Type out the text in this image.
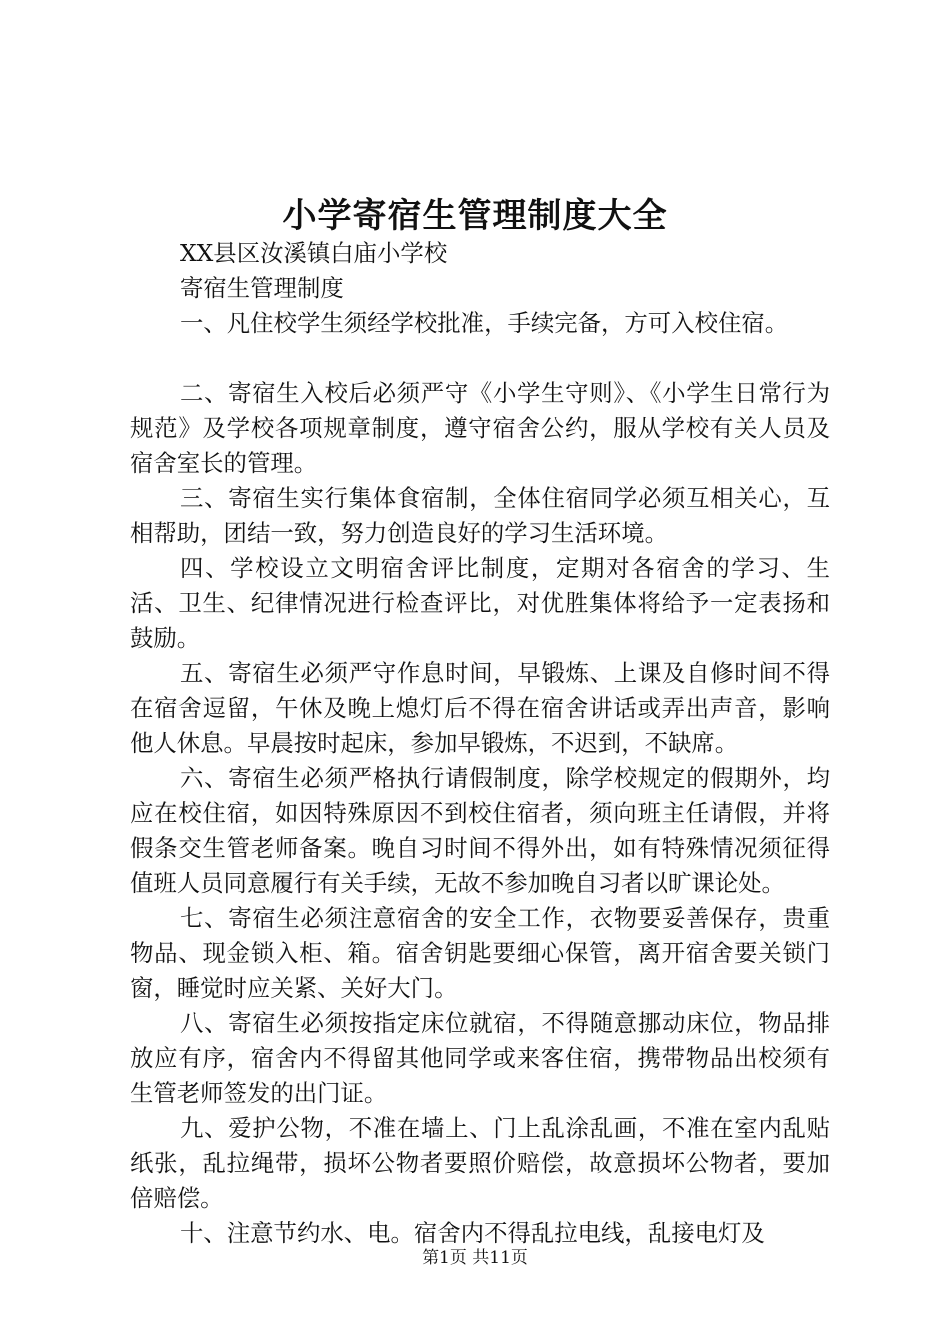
小学寄宿生管理制度大全

XX县区汝溪镇白庙小学校

寄宿生管理制度

一、凡住校学生须经学校批准，手续完备，方可入校住宿。

二、寄宿生入校后必须严守《小学生守则》、《小学生日常行为规范》及学校各项规章制度，遵守宿舍公约，服从学校有关人员及宿舍室长的管理。

三、寄宿生实行集体食宿制，全体住宿同学必须互相关心，互相帮助，团结一致，努力创造良好的学习生活环境。

四、学校设立文明宿舍评比制度，定期对各宿舍的学习、生活、卫生、纪律情况进行检查评比，对优胜集体将给予一定表扬和鼓励。

五、寄宿生必须严守作息时间，早锻炼、上课及自修时间不得在宿舍逗留，午休及晚上熄灯后不得在宿舍讲话或弄出声音，影响他人休息。早晨按时起床，参加早锻炼，不迟到，不缺席。

六、寄宿生必须严格执行请假制度，除学校规定的假期外，均应在校住宿，如因特殊原因不到校住宿者，须向班主任请假，并将假条交生管老师备案。晚自习时间不得外出，如有特殊情况须征得值班人员同意履行有关手续，无故不参加晚自习者以旷课论处。

七、寄宿生必须注意宿舍的安全工作，衣物要妥善保存，贵重物品、现金锁入柜、箱。宿舍钥匙要细心保管，离开宿舍要关锁门窗，睡觉时应关紧、关好大门。

八、寄宿生必须按指定床位就宿，不得随意挪动床位，物品排放应有序，宿舍内不得留其他同学或来客住宿，携带物品出校须有生管老师签发的出门证。

九、爱护公物，不准在墙上、门上乱涂乱画，不准在室内乱贴纸张，乱拉绳带，损坏公物者要照价赔偿，故意损坏公物者，要加倍赔偿。

十、注意节约水、电。宿舍内不得乱拉电线，乱接电灯及

第1页 共11页
